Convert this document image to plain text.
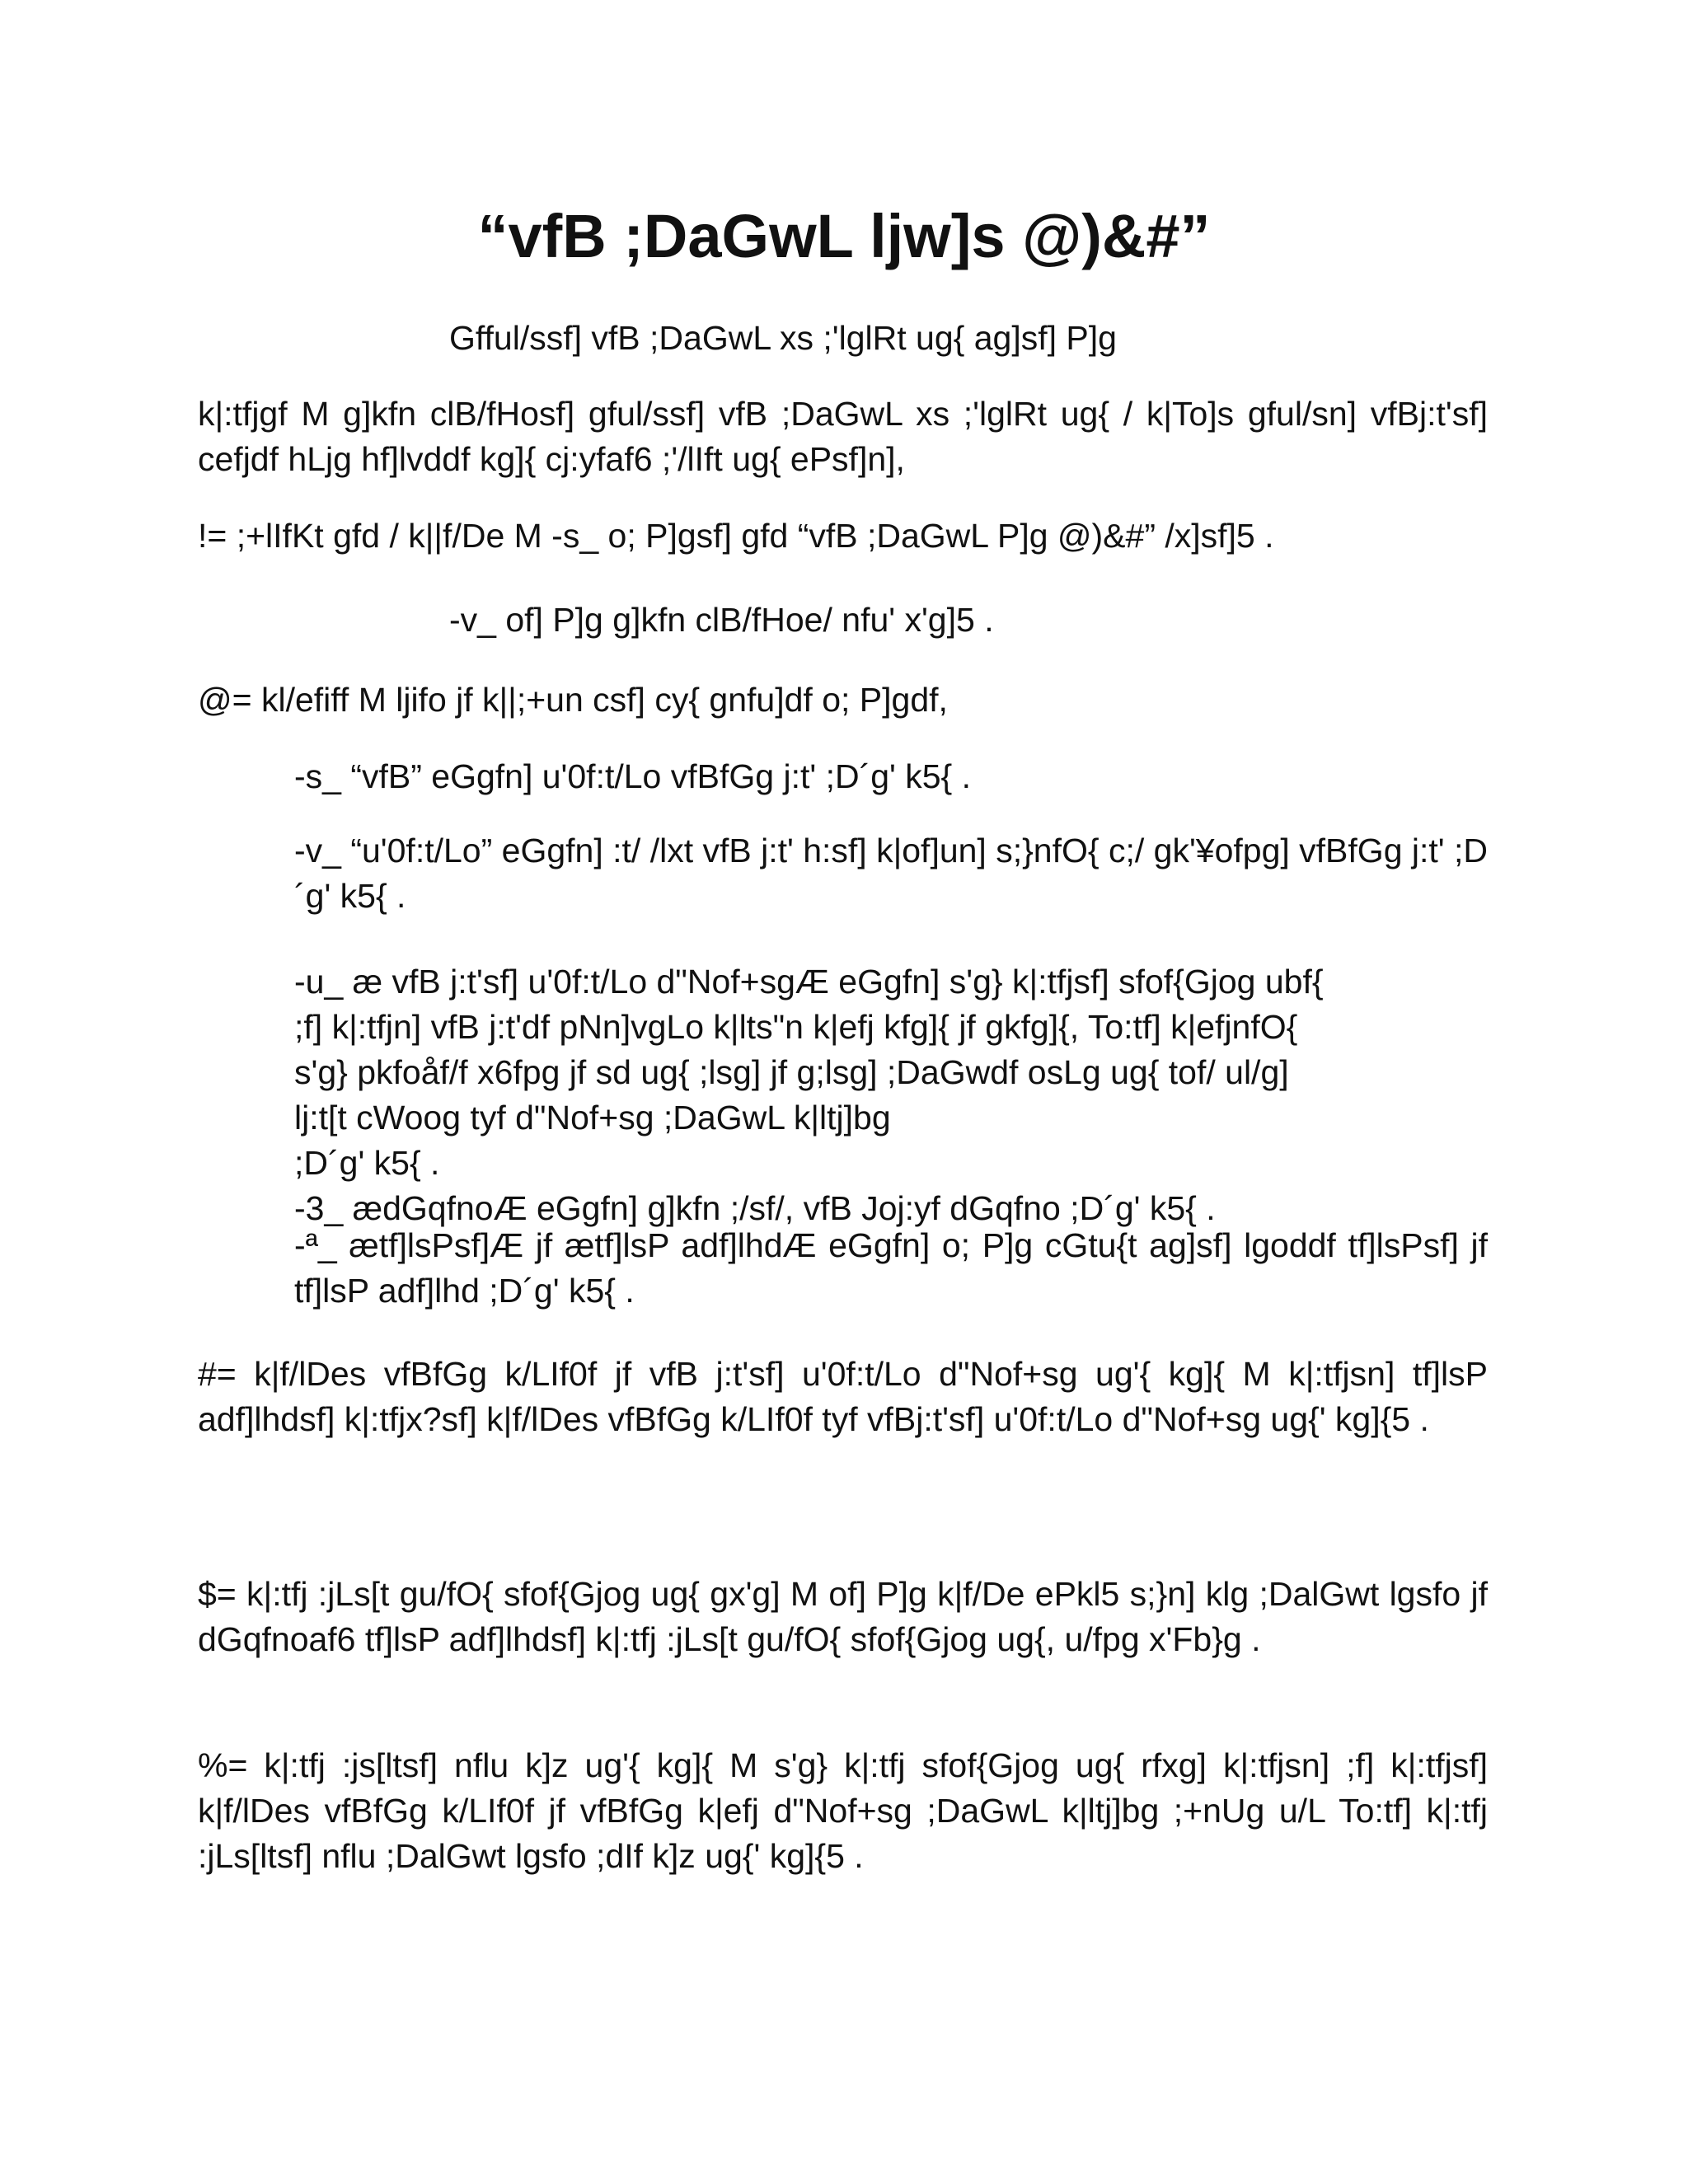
“vfB ;DaGwL ljw]s @)&#”

Gfful/ssf] vfB ;DaGwL xs ;'lglRt ug{ ag]sf] P]g

k|:tfjgf M g]kfn clB/fHosf] gful/ssf] vfB ;DaGwL xs ;'lglRt ug{ / k|To]s gful/sn] vfBj:t'sf] cefjdf hLjg hf]lvddf kg]{ cj:yfaf6 ;'/lIft ug{ ePsf]n],

!= ;+lIfKt gfd / k||f/De M -s_ o; P]gsf] gfd “vfB ;DaGwL P]g @)&#” /x]sf]5 .

-v_ of] P]g g]kfn clB/fHoe/ nfu' x'g]5 .

@= kl/efiff M ljifo jf k||;+un csf] cy{ gnfu]df o; P]gdf,

-s_ “vfB” eGgfn] u'0f:t/Lo vfBfGg j:t' ;D´g' k5{ .

-v_ “u'0f:t/Lo” eGgfn] :t/ /lxt vfB j:t' h:sf] k|of]un] s;}nfO{ c;/ gk'¥ofpg] vfBfGg j:t' ;D´g' k5{ .

-u_ æ vfB j:t'sf] u'0f:t/Lo d"Nof+sgÆ eGgfn] s'g} k|:tfjsf] sfof{Gjog ubf{
;f] k|:tfjn] vfB j:t'df pNn]vgLo k|lts"n k|efj kfg]{ jf gkfg]{, To:tf] k|efjnfO{
s'g} pkfoåf/f x6fpg jf sd ug{ ;lsg] jf g;lsg] ;DaGwdf osLg ug{ tof/ ul/g]
lj:t[t cWoog tyf d"Nof+sg ;DaGwL k|ltj]bg
;D´g' k5{ .
-3_ ædGqfnoÆ eGgfn] g]kfn ;/sf/, vfB Joj:yf dGqfno ;D´g' k5{ .

-ª_ ætf]lsPsf]Æ jf ætf]lsP adf]lhdÆ eGgfn] o; P]g cGtu{t ag]sf] lgoddf tf]lsPsf] jf tf]lsP adf]lhd ;D´g' k5{ .

#= k|f/lDes vfBfGg k/LIf0f jf vfB j:t'sf] u'0f:t/Lo d"Nof+sg ug'{ kg]{ M k|:tfjsn] tf]lsP adf]lhdsf] k|:tfjx?sf] k|f/lDes vfBfGg k/LIf0f tyf vfBj:t'sf] u'0f:t/Lo d"Nof+sg ug{' kg]{5 .

$= k|:tfj :jLs[t gu/fO{ sfof{Gjog ug{ gx'g] M of] P]g k|f/De ePkl5 s;}n] klg ;DalGwt lgsfo jf dGqfnoaf6 tf]lsP adf]lhdsf] k|:tfj :jLs[t gu/fO{ sfof{Gjog ug{, u/fpg x'Fb}g .

%= k|:tfj :js[ltsf] nflu k]z ug'{ kg]{ M s'g} k|:tfj sfof{Gjog ug{ rfxg] k|:tfjsn] ;f] k|:tfjsf] k|f/lDes vfBfGg k/LIf0f jf vfBfGg k|efj d"Nof+sg ;DaGwL k|ltj]bg ;+nUg u/L To:tf] k|:tfj :jLs[ltsf] nflu ;DalGwt lgsfo ;dIf k]z ug{' kg]{5 .
